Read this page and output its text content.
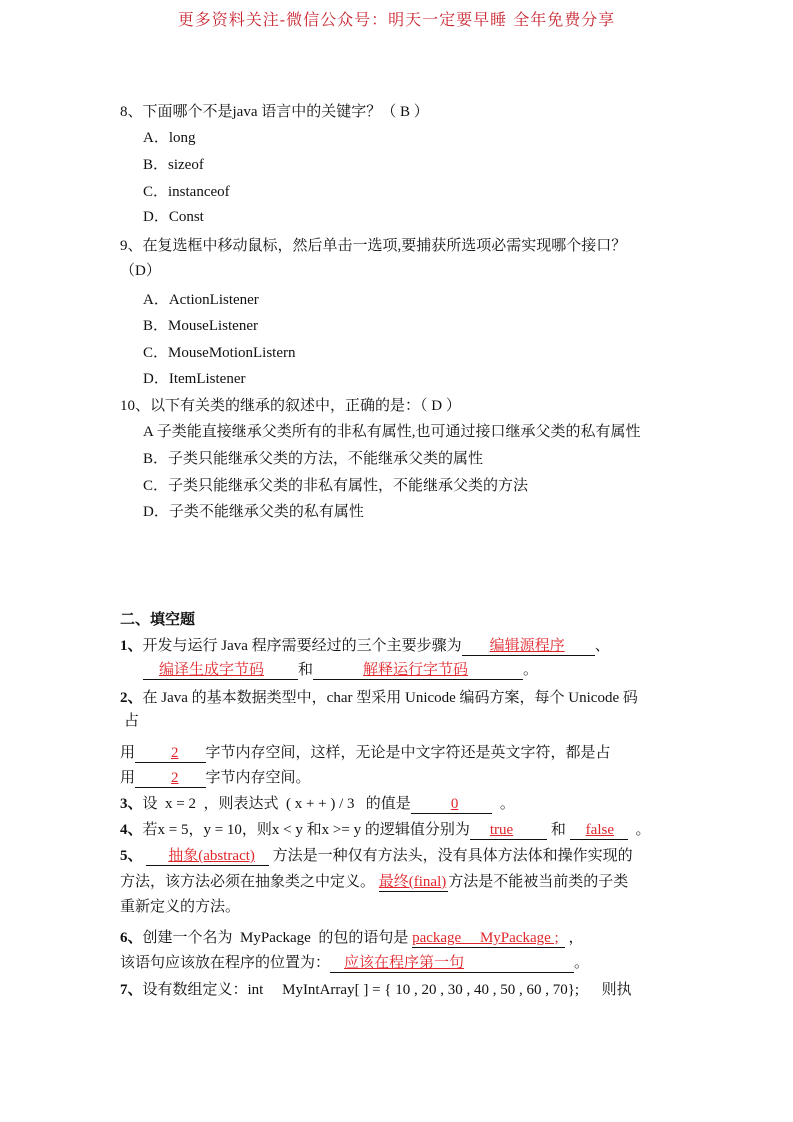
更多资料关注-微信公众号：明天一定要早睡 全年免费分享
8、下面哪个不是java 语言中的关键字？（ B ）
A．long
B．sizeof
C．instanceof
D．Const
9、在复选框中移动鼠标，然后单击一选项,要捕获所选项必需实现哪个接口？
（D）
A．ActionListener
B．MouseListener
C．MouseMotionListern
D．ItemListener
10、以下有关类的继承的叙述中，正确的是：（ D ）
A 子类能直接继承父类所有的非私有属性,也可通过接口继承父类的私有属性
B．子类只能继承父类的方法，不能继承父类的属性
C．子类只能继承父类的非私有属性，不能继承父类的方法
D．子类不能继承父类的私有属性
二、填空题
1、开发与运行 Java 程序需要经过的三个主要步骤为 编辑源程序 、
编译生成字节码 和	解释运行字节码	。
2、在 Java 的基本数据类型中，char 型采用 Unicode 编码方案，每个 Unicode 码
占
用 2 字节内存空间，这样，无论是中文字符还是英文字符，都是占
用 2 字节内存空间。
3、设  x = 2  ，则表达式  ( x + + ) / 3   的值是	0  。
4、若x = 5，y = 10，则x < y 和x >= y 的逻辑值分别为 true	和 false  。
5、 抽象(abstract) 方法是一种仅有方法头，没有具体方法体和操作实现的
方法，该方法必须在抽象类之中定义。 最终(final) 方法是不能被当前类的子类
重新定义的方法。
6、创建一个名为  MyPackage  的包的语句是 package     MyPackage ; ，
该语句应该放在程序的位置为： 应该在程序第一句	。
7、设有数组定义：int     MyIntArray[ ] = { 10 , 20 , 30 , 40 , 50 , 60 , 70};      则执
